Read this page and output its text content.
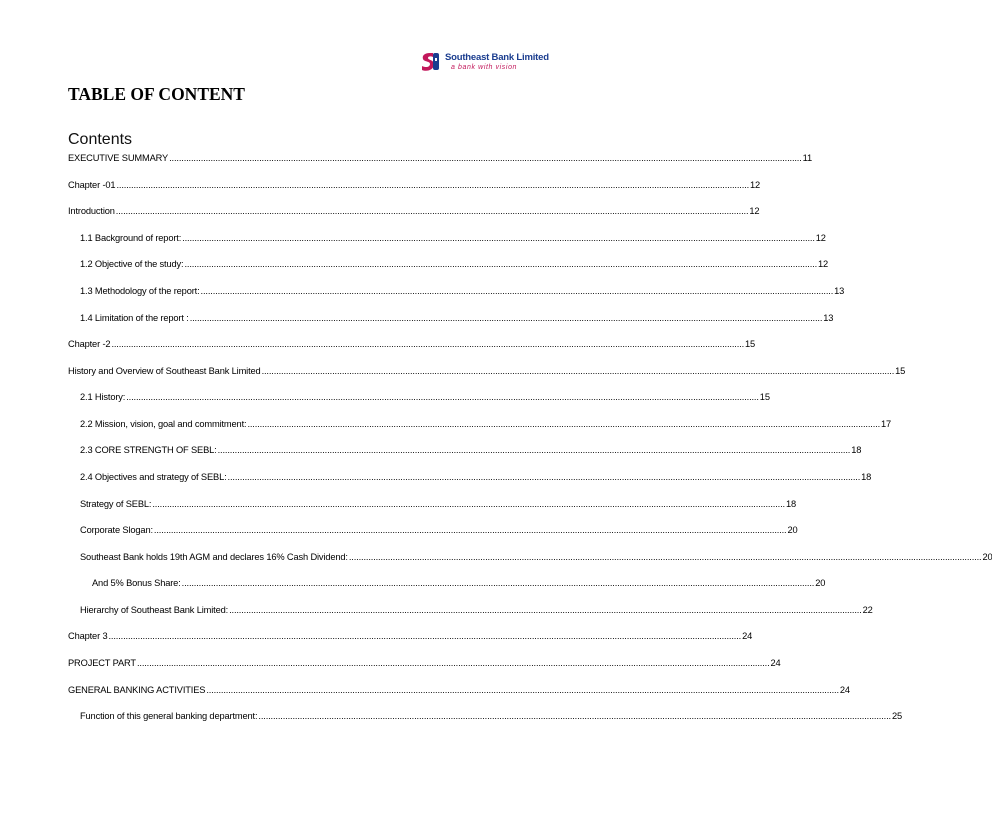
Southeast Bank Limited
a bank with vision
TABLE OF CONTENT
Contents
EXECUTIVE SUMMARY .................................................................................................................................................................................................................................................................... 11
Chapter -01 .................................................................................................................................................................................................................................................................... 12
Introduction .................................................................................................................................................................................................................................................................... 12
1.1 Background of report: .................................................................................................................................................................................................................................................................... 12
1.2 Objective of the study: .................................................................................................................................................................................................................................................................... 12
1.3 Methodology of the report: .................................................................................................................................................................................................................................................................... 13
1.4 Limitation of the report : .................................................................................................................................................................................................................................................................... 13
Chapter -2 .................................................................................................................................................................................................................................................................... 15
History and Overview of Southeast Bank Limited .................................................................................................................................................................................................................................................................... 15
2.1 History: .................................................................................................................................................................................................................................................................... 15
2.2 Mission, vision, goal and commitment: .................................................................................................................................................................................................................................................................... 17
2.3 CORE STRENGTH OF SEBL: .................................................................................................................................................................................................................................................................... 18
2.4 Objectives and strategy of SEBL: .................................................................................................................................................................................................................................................................... 18
Strategy of SEBL: .................................................................................................................................................................................................................................................................... 18
Corporate Slogan: .................................................................................................................................................................................................................................................................... 20
Southeast Bank holds 19th AGM and declares 16% Cash Dividend: .................................................................................................................................................................................................................................................................... 20
And 5% Bonus Share: .................................................................................................................................................................................................................................................................... 20
Hierarchy of Southeast Bank Limited: .................................................................................................................................................................................................................................................................... 22
Chapter 3 .................................................................................................................................................................................................................................................................... 24
PROJECT PART .................................................................................................................................................................................................................................................................... 24
GENERAL BANKING ACTIVITIES .................................................................................................................................................................................................................................................................... 24
Function of this general banking department: .................................................................................................................................................................................................................................................................... 25
